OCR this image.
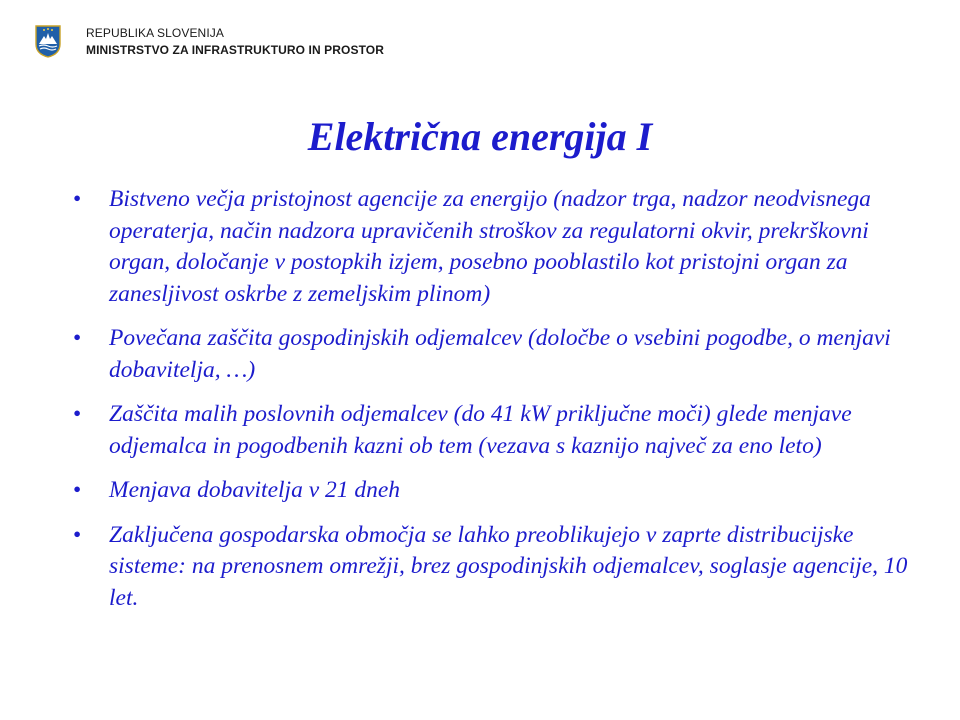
REPUBLIKA SLOVENIJA
MINISTRSTVO ZA INFRASTRUKTURO IN PROSTOR
Električna energija I
•	Bistveno večja pristojnost agencije za energijo (nadzor trga, nadzor neodvisnega operaterja, način nadzora upravičenih stroškov za regulatorni okvir, prekrškovni organ, določanje v postopkih izjem, posebno pooblastilo kot pristojni organ za zanesljivost oskrbe z zemeljskim plinom)
•	Povečana zaščita gospodinjskih odjemalcev (določbe o vsebini pogodbe, o menjavi dobavitelja, …)
•	Zaščita malih poslovnih odjemalcev (do 41 kW priključne moči) glede menjave odjemalca in pogodbenih kazni ob tem (vezava s kaznijo največ za eno leto)
•	Menjava dobavitelja v 21 dneh
•	Zaključena gospodarska območja se lahko preoblikujejo v zaprte distribucijske sisteme: na prenosnem omrežji, brez gospodinjskih odjemalcev, soglasje agencije, 10 let.
